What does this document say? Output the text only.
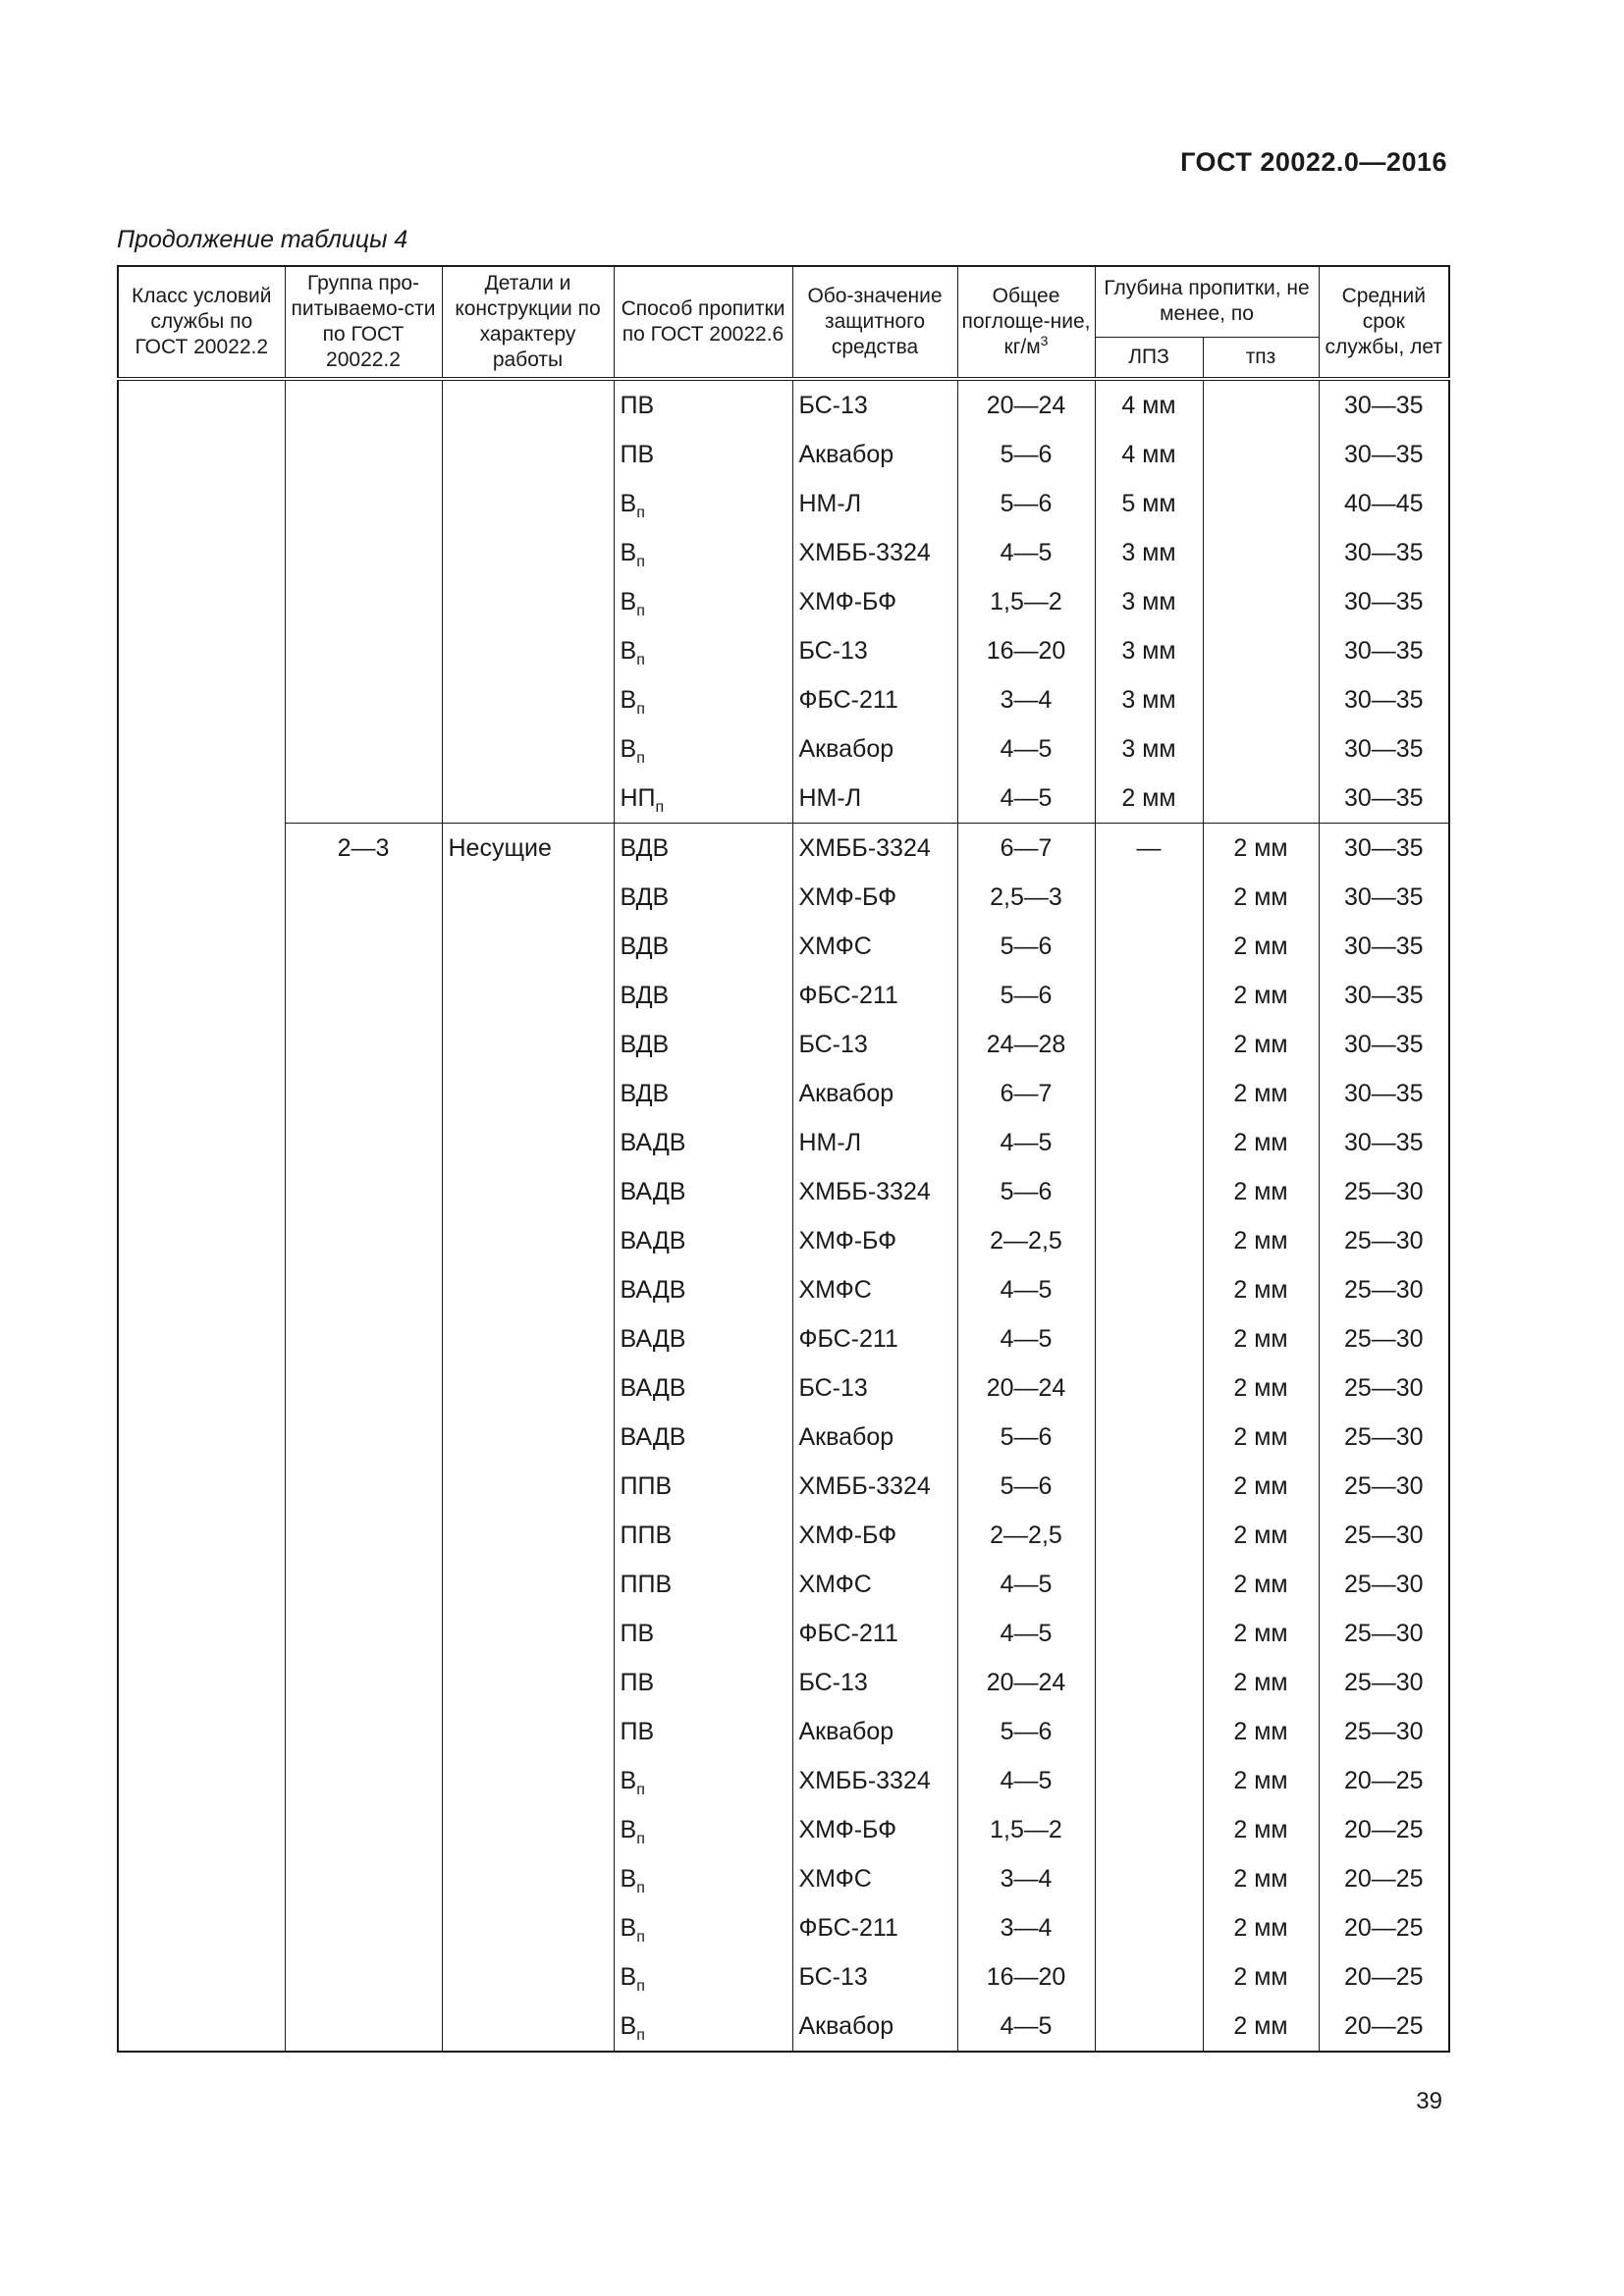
ГОСТ 20022.0—2016
Продолжение таблицы 4
Класс условий службы по ГОСТ 20022.2	Группа про-питываемо-сти по ГОСТ 20022.2	Детали и конструкции по характеру работы	Способ пропитки по ГОСТ 20022.6	Обо-значение защитного средства	Общее поглоще-ние, $кг/м^3$	Глубина пропитки, не менее, по		Средний срок службы, лет
						ЛПЗ	тпз	
			ПВ	БС-13	20—24	4 мм		30—35
			ПВ	Аквабор	5—6	4 мм		30—35
			$В_п$	НМ-Л	5—6	5 мм		40—45
			$В_п$	ХМББ-3324	4—5	3 мм		30—35
			$В_п$	ХМФ-БФ	1,5—2	3 мм		30—35
			$В_п$	БС-13	16—20	3 мм		30—35
			$В_п$	ФБС-211	3—4	3 мм		30—35
			$В_п$	Аквабор	4—5	3 мм		30—35
			$НП_п$	НМ-Л	4—5	2 мм		30—35
	2—3	Несущие	ВДВ	ХМББ-3324	6—7	—	2 мм	30—35
			ВДВ	ХМФ-БФ	2,5—3		2 мм	30—35
			ВДВ	ХМФС	5—6		2 мм	30—35
			ВДВ	ФБС-211	5—6		2 мм	30—35
			ВДВ	БС-13	24—28		2 мм	30—35
			ВДВ	Аквабор	6—7		2 мм	30—35
			ВАДВ	НМ-Л	4—5		2 мм	30—35
			ВАДВ	ХМББ-3324	5—6		2 мм	25—30
			ВАДВ	ХМФ-БФ	2—2,5		2 мм	25—30
			ВАДВ	ХМФС	4—5		2 мм	25—30
			ВАДВ	ФБС-211	4—5		2 мм	25—30
			ВАДВ	БС-13	20—24		2 мм	25—30
			ВАДВ	Аквабор	5—6		2 мм	25—30
			ППВ	ХМББ-3324	5—6		2 мм	25—30
			ППВ	ХМФ-БФ	2—2,5		2 мм	25—30
			ППВ	ХМФС	4—5		2 мм	25—30
			ПВ	ФБС-211	4—5		2 мм	25—30
			ПВ	БС-13	20—24		2 мм	25—30
			ПВ	Аквабор	5—6		2 мм	25—30
			$В_п$	ХМББ-3324	4—5		2 мм	20—25
			$В_п$	ХМФ-БФ	1,5—2		2 мм	20—25
			$В_п$	ХМФС	3—4		2 мм	20—25
			$В_п$	ФБС-211	3—4		2 мм	20—25
			$В_п$	БС-13	16—20		2 мм	20—25
			$В_п$	Аквабор	4—5		2 мм	20—25
39
